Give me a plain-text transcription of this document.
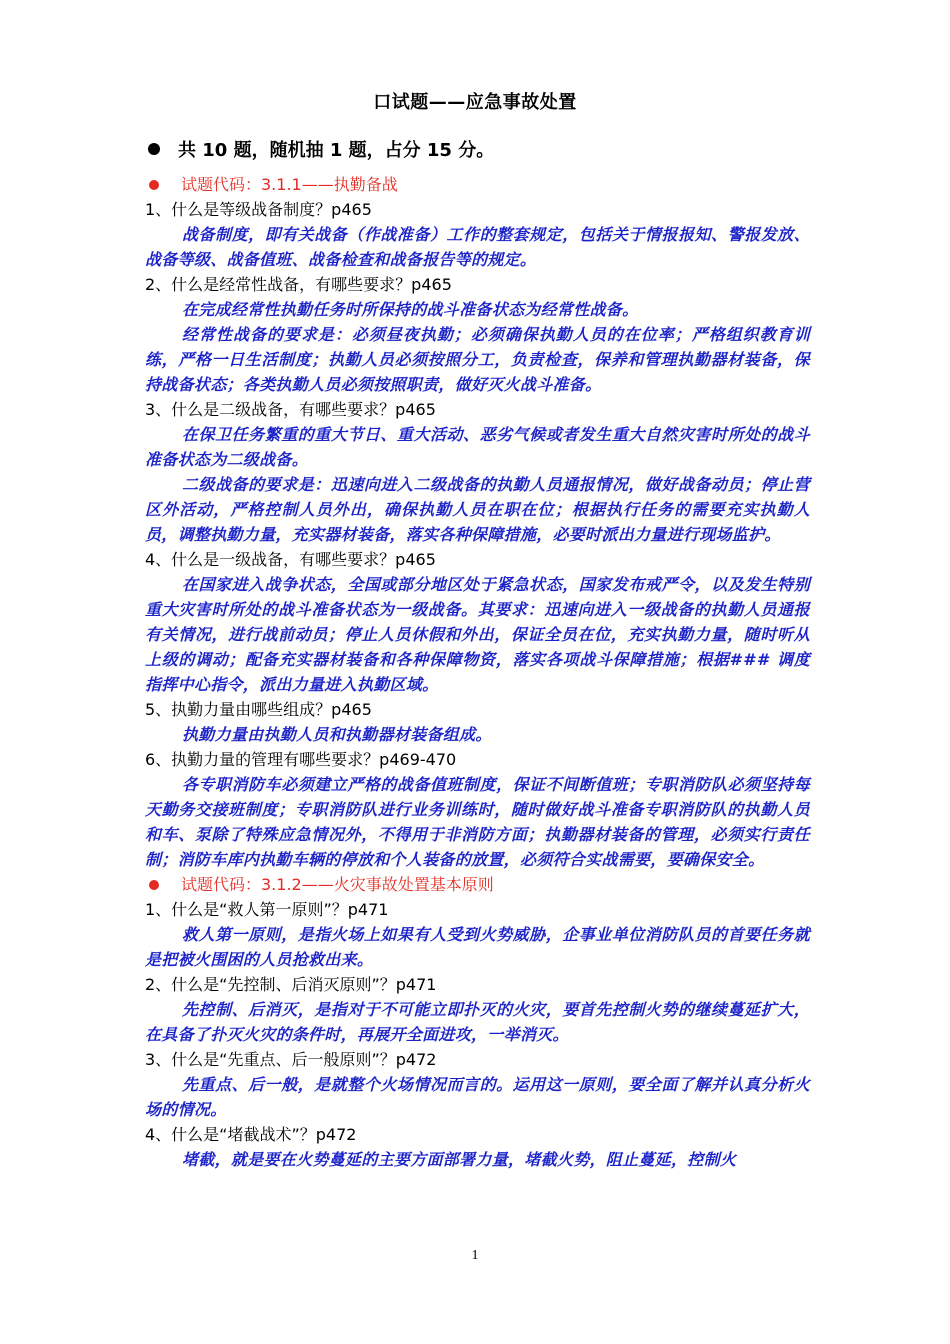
口试题——应急事故处置
共 10 题，随机抽 1 题，占分 15 分。
试题代码：3.1.1——执勤备战
1、什么是等级战备制度？p465
战备制度，即有关战备（作战准备）工作的整套规定，包括关于情报报知、警报发放、战备等级、战备值班、战备检查和战备报告等的规定。
2、什么是经常性战备，有哪些要求？p465
在完成经常性执勤任务时所保持的战斗准备状态为经常性战备。
经常性战备的要求是：必须昼夜执勤；必须确保执勤人员的在位率；严格组织教育训练，严格一日生活制度；执勤人员必须按照分工，负责检查，保养和管理执勤器材装备，保持战备状态；各类执勤人员必须按照职责，做好灭火战斗准备。
3、什么是二级战备，有哪些要求？p465
在保卫任务繁重的重大节日、重大活动、恶劣气候或者发生重大自然灾害时所处的战斗准备状态为二级战备。
二级战备的要求是：迅速向进入二级战备的执勤人员通报情况，做好战备动员；停止营区外活动，严格控制人员外出，确保执勤人员在职在位；根据执行任务的需要充实执勤人员，调整执勤力量，充实器材装备，落实各种保障措施，必要时派出力量进行现场监护。
4、什么是一级战备，有哪些要求？p465
在国家进入战争状态，全国或部分地区处于紧急状态，国家发布戒严令，以及发生特别重大灾害时所处的战斗准备状态为一级战备。其要求：迅速向进入一级战备的执勤人员通报有关情况，进行战前动员；停止人员休假和外出，保证全员在位，充实执勤力量，随时听从上级的调动；配备充实器材装备和各种保障物资，落实各项战斗保障措施；根据### 调度指挥中心指令，派出力量进入执勤区域。
5、执勤力量由哪些组成？p465
执勤力量由执勤人员和执勤器材装备组成。
6、执勤力量的管理有哪些要求？p469-470
各专职消防车必须建立严格的战备值班制度，保证不间断值班；专职消防队必须坚持每天勤务交接班制度；专职消防队进行业务训练时，随时做好战斗准备专职消防队的执勤人员和车、泵除了特殊应急情况外，不得用于非消防方面；执勤器材装备的管理，必须实行责任制；消防车库内执勤车辆的停放和个人装备的放置，必须符合实战需要，要确保安全。
试题代码：3.1.2——火灾事故处置基本原则
1、什么是“救人第一原则”？p471
救人第一原则，是指火场上如果有人受到火势威胁，企事业单位消防队员的首要任务就是把被火围困的人员抢救出来。
2、什么是“先控制、后消灭原则”？p471
先控制、后消灭，是指对于不可能立即扑灭的火灾，要首先控制火势的继续蔓延扩大，在具备了扑灭火灾的条件时，再展开全面进攻，一举消灭。
3、什么是“先重点、后一般原则”？p472
先重点、后一般，是就整个火场情况而言的。运用这一原则，要全面了解并认真分析火场的情况。
4、什么是“堵截战术”？p472
堵截，就是要在火势蔓延的主要方面部署力量，堵截火势，阻止蔓延，控制火
1
